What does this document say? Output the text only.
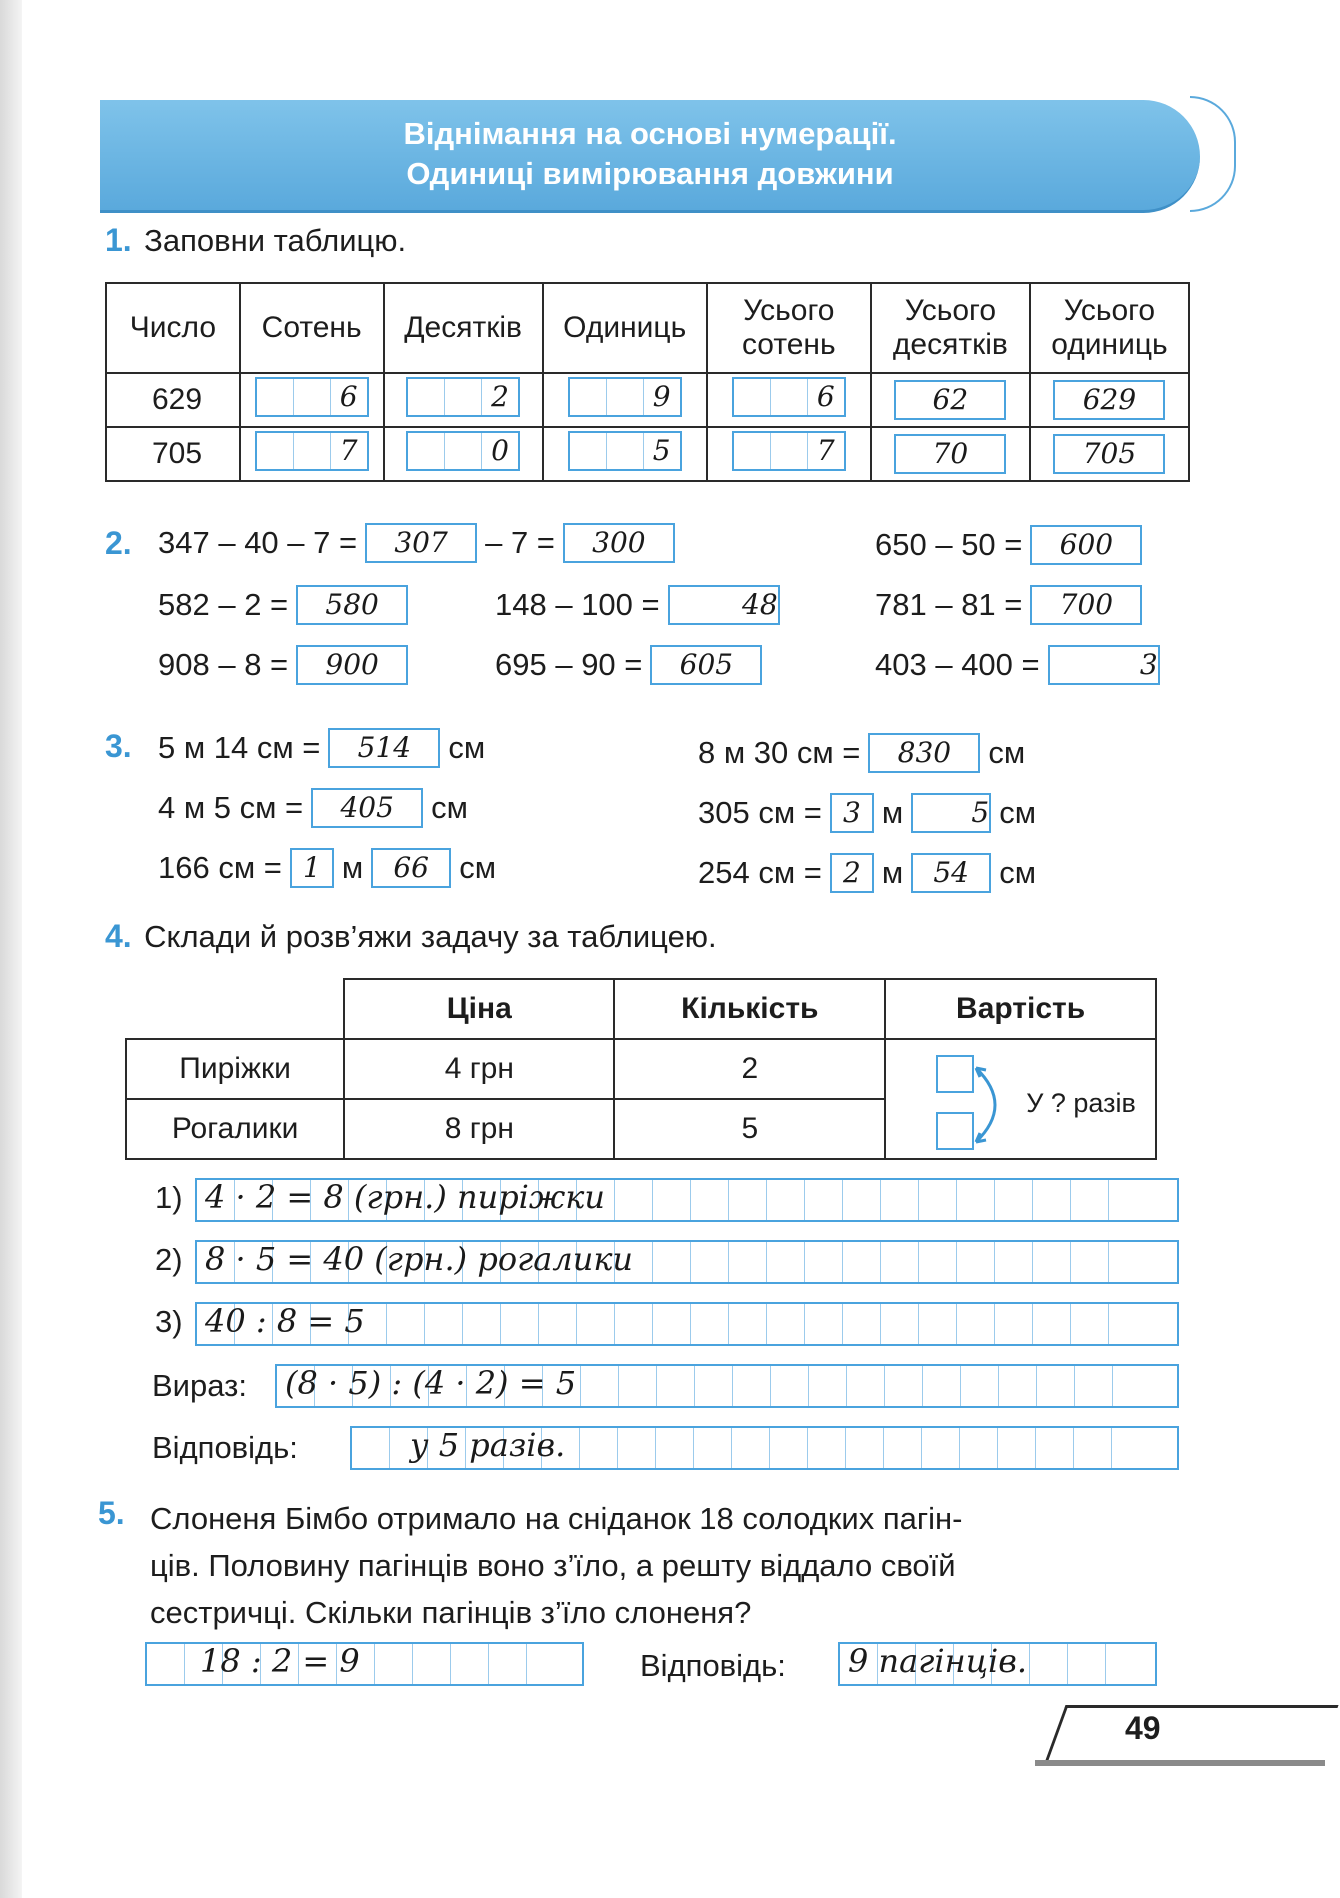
Віднімання на основі нумерації.
Одиниці вимірювання довжини
1. Заповни таблицю.
Число	Сотень	Десятків	Одиниць	Усього сотень	Усього десятків	Усього одиниць
629	6	2	9	6	62	629

705	7	0	5	7	70	705
2. 347 – 40 – 7 =	307	– 7 =	300	650 – 50 =	600
582 – 2 =	580	148 – 100 =	48	781 – 81 =	700
908 – 8 =	900	695 – 90 =	605	403 – 400 =	3
3. 5 м 14 см =	514	см
4 м 5 см =	405	см
166 см = 1 м	66 см
8 м 30 см =	830	см
305 см = 3 м	5 см
254 см = 2 м	54 см
4. Склади й розв’яжи задачу за таблицею.
	Ціна	Кількість	Вартість
Пиріжки	4 грн	2	У ? разів

Рогалики	8 грн	5	
1) 4 · 2 = 8 (грн.) пиріжки
2) 8 · 5 = 40 (грн.) рогалики
3) 40 : 8 = 5
Вираз: (8 · 5) : (4 · 2) = 5
Відповідь:	у 5 разів.
5. Слоненя Бімбо отримало на сніданок 18 солодких пагін-
ців. Половину пагінців воно з’їло, а решту віддало своїй
сестричці. Скільки пагінців з’їло слоненя?
18 : 2 = 9	Відповідь: 9 пагінців.
49
